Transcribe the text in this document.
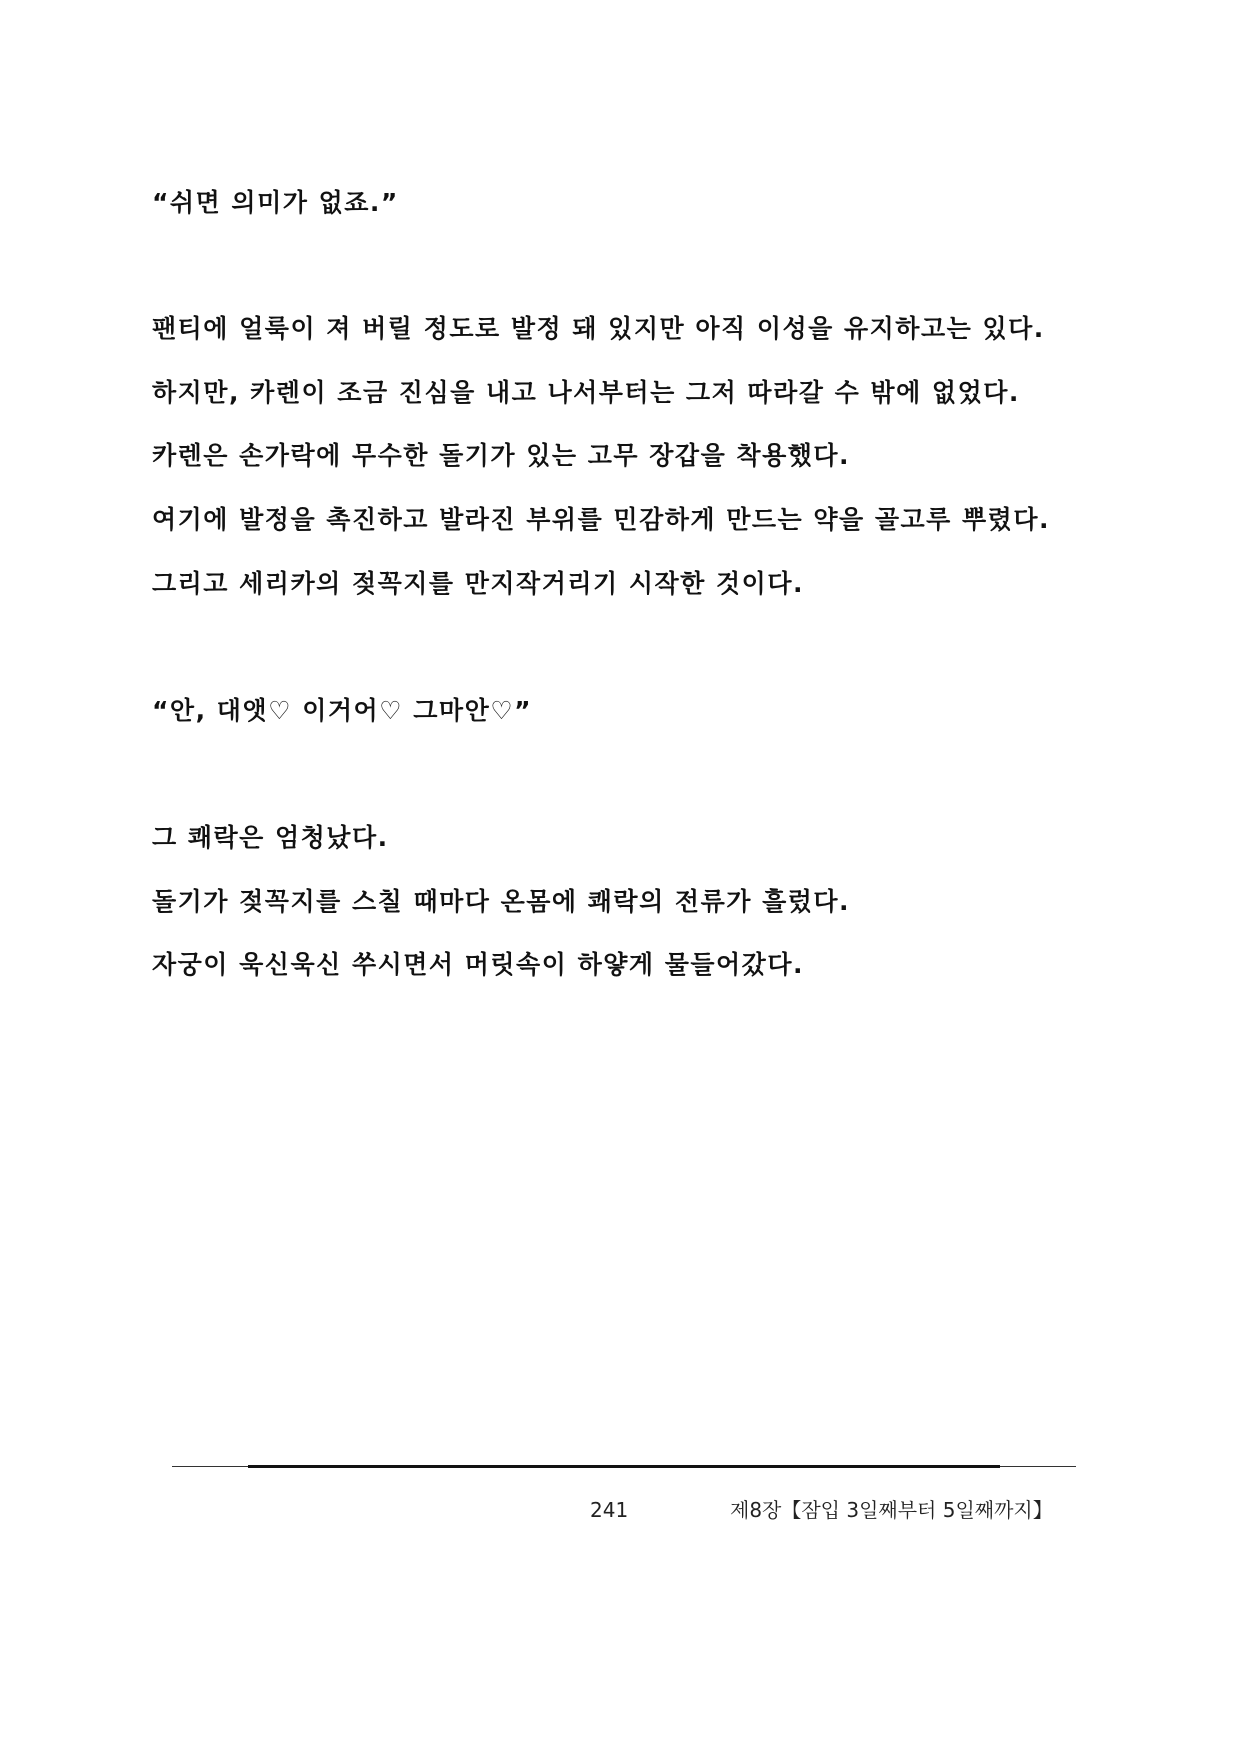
“쉬면 의미가 없죠.”
팬티에 얼룩이 져 버릴 정도로 발정 돼 있지만 아직 이성을 유지하고는 있다.
하지만, 카렌이 조금 진심을 내고 나서부터는 그저 따라갈 수 밖에 없었다.
카렌은 손가락에 무수한 돌기가 있는 고무 장갑을 착용했다.
여기에 발정을 촉진하고 발라진 부위를 민감하게 만드는 약을 골고루 뿌렸다.
그리고 세리카의 젖꼭지를 만지작거리기 시작한 것이다.
“안, 대앳♡ 이거어♡ 그마안♡”
그 쾌락은 엄청났다.
돌기가 젖꼭지를 스칠 때마다 온몸에 쾌락의 전류가 흘렀다.
자궁이 욱신욱신 쑤시면서 머릿속이 하얗게 물들어갔다.
241	제8장【잠입 3일째부터 5일째까지】
